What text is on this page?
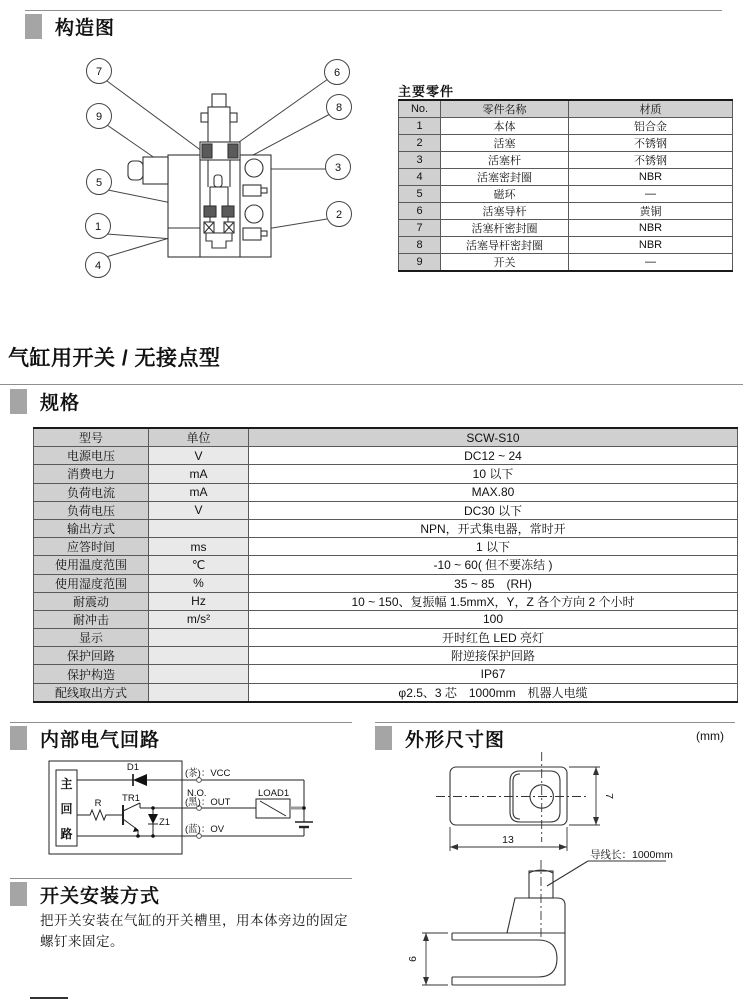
构造图
7
9
5
1
4
6
8
3
2
主要零件
No.	零件名称	材质
1	本体	铝合金
2	活塞	不锈钢
3	活塞杆	不锈钢
4	活塞密封圈	NBR
5	磁环	—
6	活塞导杆	黄铜
7	活塞杆密封圈	NBR
8	活塞导杆密封圈	NBR
9	开关	—
气缸用开关 / 无接点型
规格
型号	单位	SCW-S10
电源电压	V	DC12 ~ 24
消费电力	mA	10 以下
负荷电流	mA	MAX.80
负荷电压	V	DC30 以下
输出方式		NPN，开式集电器，常时开
应答时间	ms	1 以下
使用温度范围	℃	-10 ~ 60( 但不要冻结 )
使用湿度范围	%	35 ~ 85　(RH)
耐震动	Hz	10 ~ 150、复振幅 1.5mmX，Y，Z 各个方向 2 个小时
耐冲击	m/s²	100
显示		开时红色 LED 亮灯
保护回路		附逆接保护回路
保护构造		IP67
配线取出方式		φ2.5、3 芯　1000mm　机器人电缆
内部电气回路
主
回
路
D1
R TR1
Z1
(茶)：VCC
N.O.
(黑)：OUT
(蓝)：OV
LOAD1
外形尺寸图	(mm)
13
7
6
导线长：1000mm
开关安装方式
把开关安装在气缸的开关槽里，用本体旁边的固定螺钉来固定。
